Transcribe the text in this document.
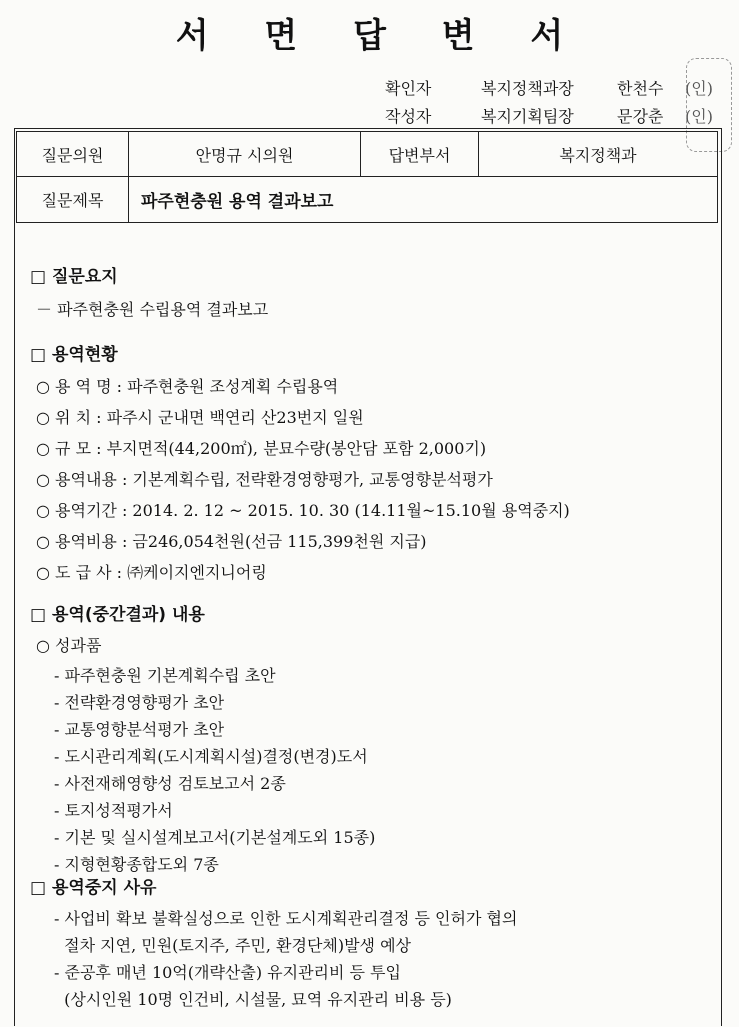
서 면 답 변 서
확인자	복지정책과장	한천수 (인)
작성자	복지기획팀장	문강춘 (인)
질문의원	안명규 시의원	답변부서	복지정책과
질문제목	파주현충원 용역 결과보고
□ 질문요지
－ 파주현충원 수립용역 결과보고
□ 용역현황
○ 용 역 명 : 파주현충원 조성계획 수립용역
○ 위 치 : 파주시 군내면 백연리 산23번지 일원
○ 규 모 : 부지면적(44,200㎡), 분묘수량(봉안담 포함 2,000기)
○ 용역내용 : 기본계획수립, 전략환경영향평가, 교통영향분석평가
○ 용역기간 : 2014. 2. 12 ~ 2015. 10. 30 (14.11월~15.10월 용역중지)
○ 용역비용 : 금246,054천원(선금 115,399천원 지급)
○ 도 급 사 : ㈜케이지엔지니어링
□ 용역(중간결과) 내용
○ 성과품
- 파주현충원 기본계획수립 초안
- 전략환경영향평가 초안
- 교통영향분석평가 초안
- 도시관리계획(도시계획시설)결정(변경)도서
- 사전재해영향성 검토보고서 2종
- 토지성적평가서
- 기본 및 실시설계보고서(기본설계도외 15종)
- 지형현황종합도외 7종
□ 용역중지 사유
- 사업비 확보 불확실성으로 인한 도시계획관리결정 등 인허가 협의
절차 지연, 민원(토지주, 주민, 환경단체)발생 예상
- 준공후 매년 10억(개략산출) 유지관리비 등 투입
(상시인원 10명 인건비, 시설물, 묘역 유지관리 비용 등)
